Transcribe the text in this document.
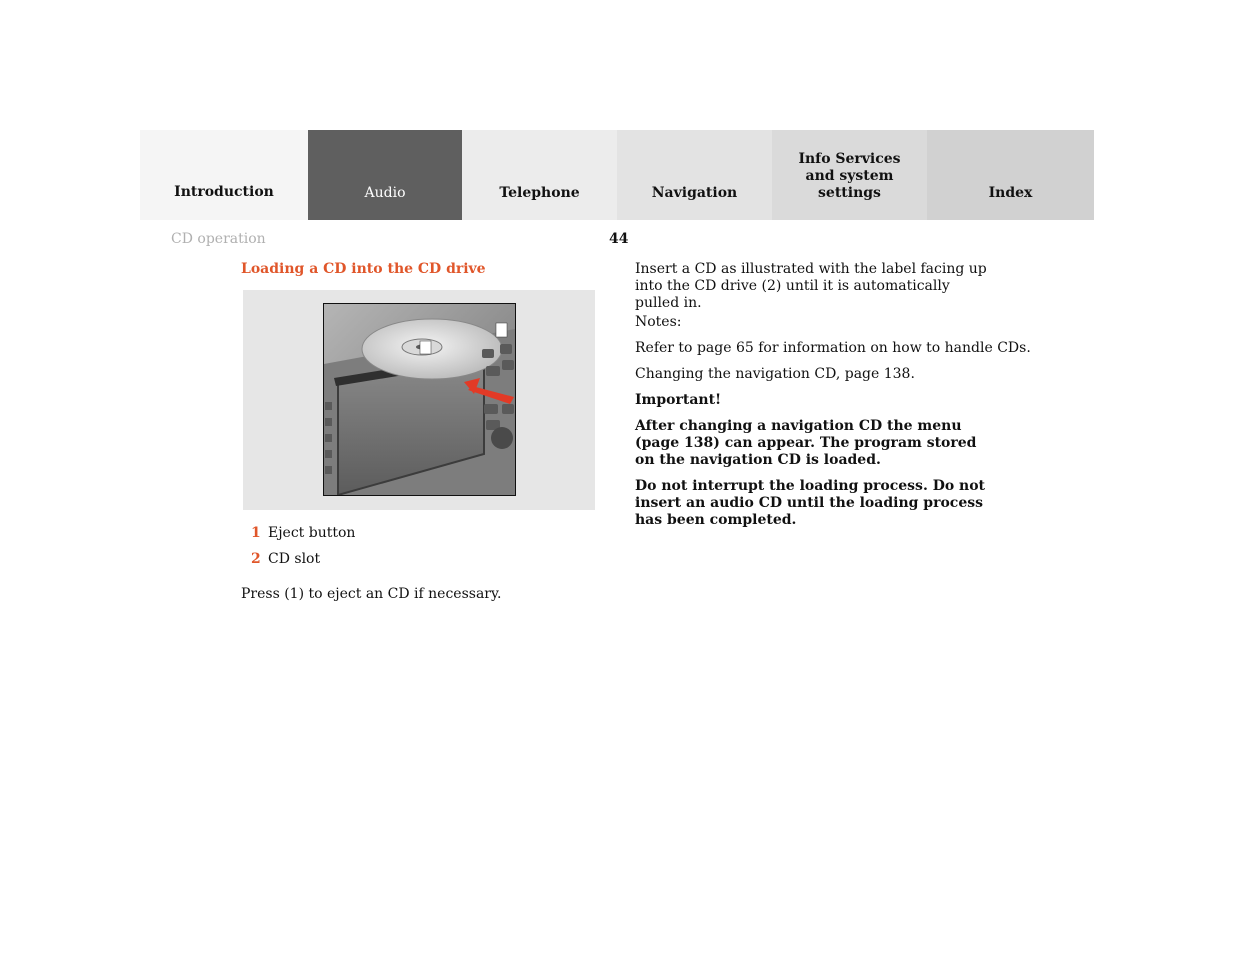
Introduction	Audio	Telephone	Navigation
Info Services and system settings	Index
CD operation	44
Loading a CD into the CD drive
1 Eject button
2 CD slot
Press (1) to eject an CD if necessary.
Insert a CD as illustrated with the label facing up into the CD drive (2) until it is automatically pulled in.
Notes:
Refer to page 65 for information on how to handle CDs.
Changing the navigation CD, page 138.
Important!
After changing a navigation CD the menu (page 138) can appear. The program stored on the navigation CD is loaded.
Do not interrupt the loading process. Do not insert an audio CD until the loading process has been completed.
